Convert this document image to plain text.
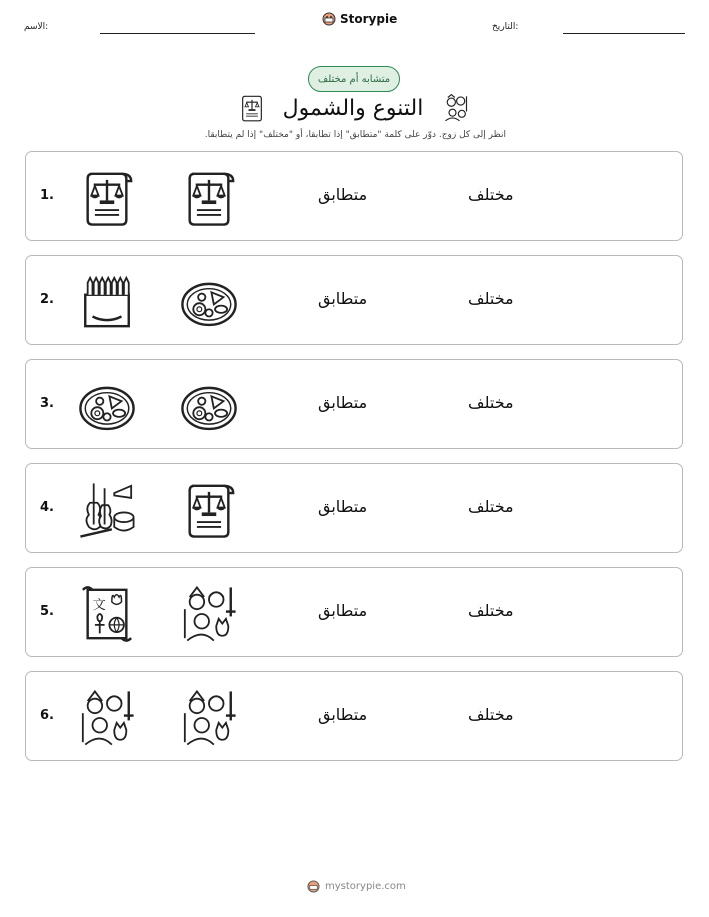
الاسم:
Storypie
التاريخ:
متشابه أم مختلف
التنوع والشمول
انظر إلى كل زوج. دوّر على كلمة "متطابق" إذا تطابقا، أو "مختلف" إذا لم يتطابقا.
1.	متطابق	مختلف
2.	متطابق	مختلف
3.	متطابق	مختلف
4.	متطابق	مختلف
5.	文	متطابق	مختلف
6.	متطابق	مختلف
mystorypie.com
